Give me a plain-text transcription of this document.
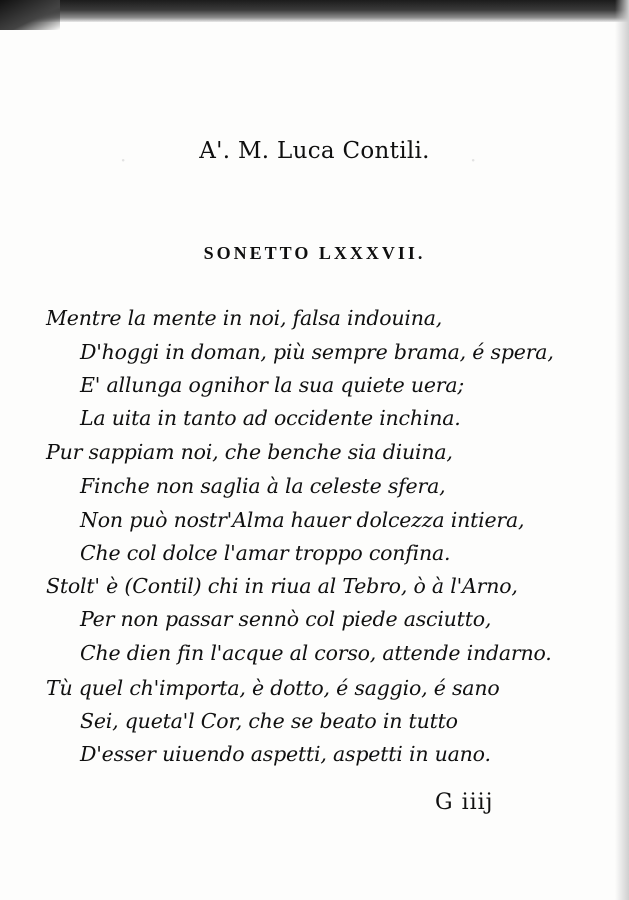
·	·
A'. M. Luca Contili.
SONETTO LXXXVII.
Mentre la mente in noi, falsa indouina,
D'hoggi in doman, più sempre brama, é spera,
E' allunga ognihor la sua quiete uera;
La uita in tanto ad occidente inchina.
Pur sappiam noi, che benche sia diuina,
Finche non saglia à la celeste sfera,
Non può nostr'Alma hauer dolcezza intiera,
Che col dolce l'amar troppo confina.
Stolt' è (Contil) chi in riua al Tebro, ò à l'Arno,
Per non passar sennò col piede asciutto,
Che dien fin l'acque al corso, attende indarno.
Tù quel ch'importa, è dotto, é saggio, é sano
Sei, queta'l Cor, che se beato in tutto
D'esser uiuendo aspetti, aspetti in uano.
G iiij
